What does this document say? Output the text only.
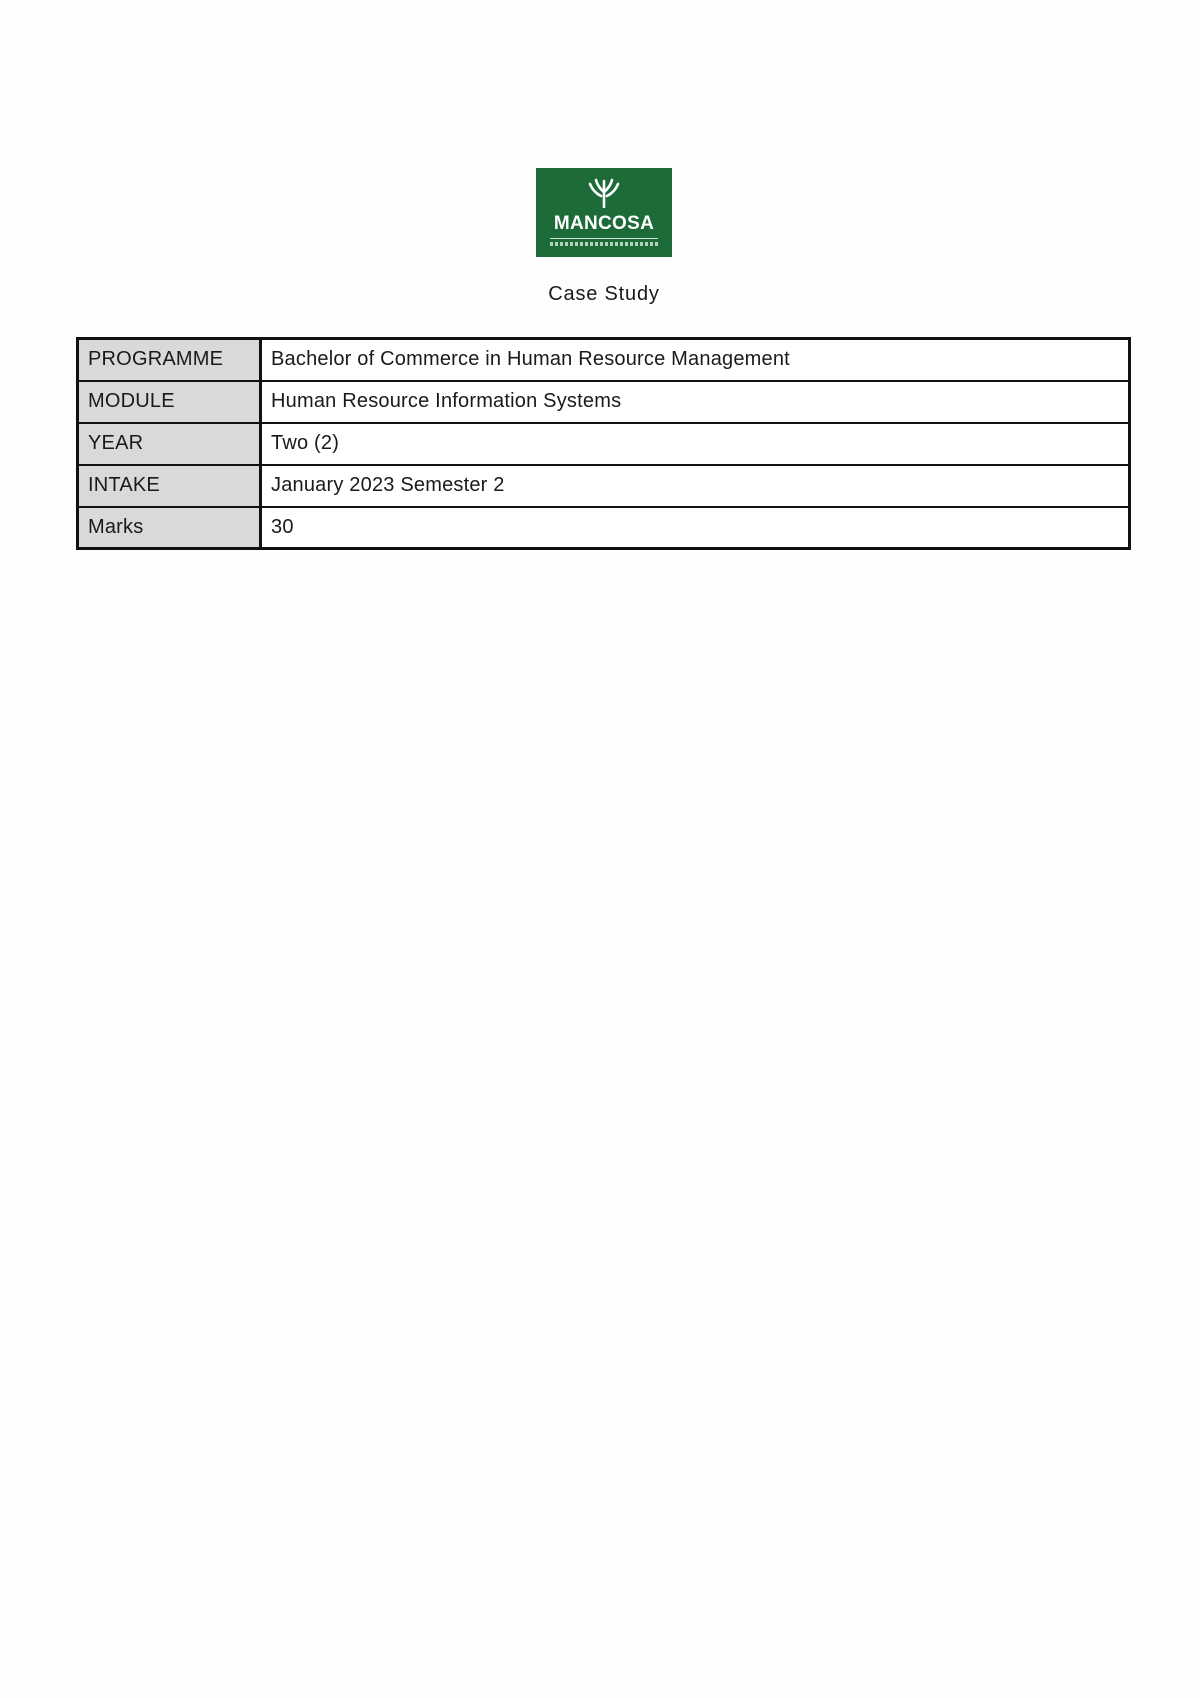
MANCOSA
Case Study
PROGRAMME	Bachelor of Commerce in Human Resource Management
MODULE	Human Resource Information Systems
YEAR	Two (2)
INTAKE	January 2023 Semester 2
Marks	30
